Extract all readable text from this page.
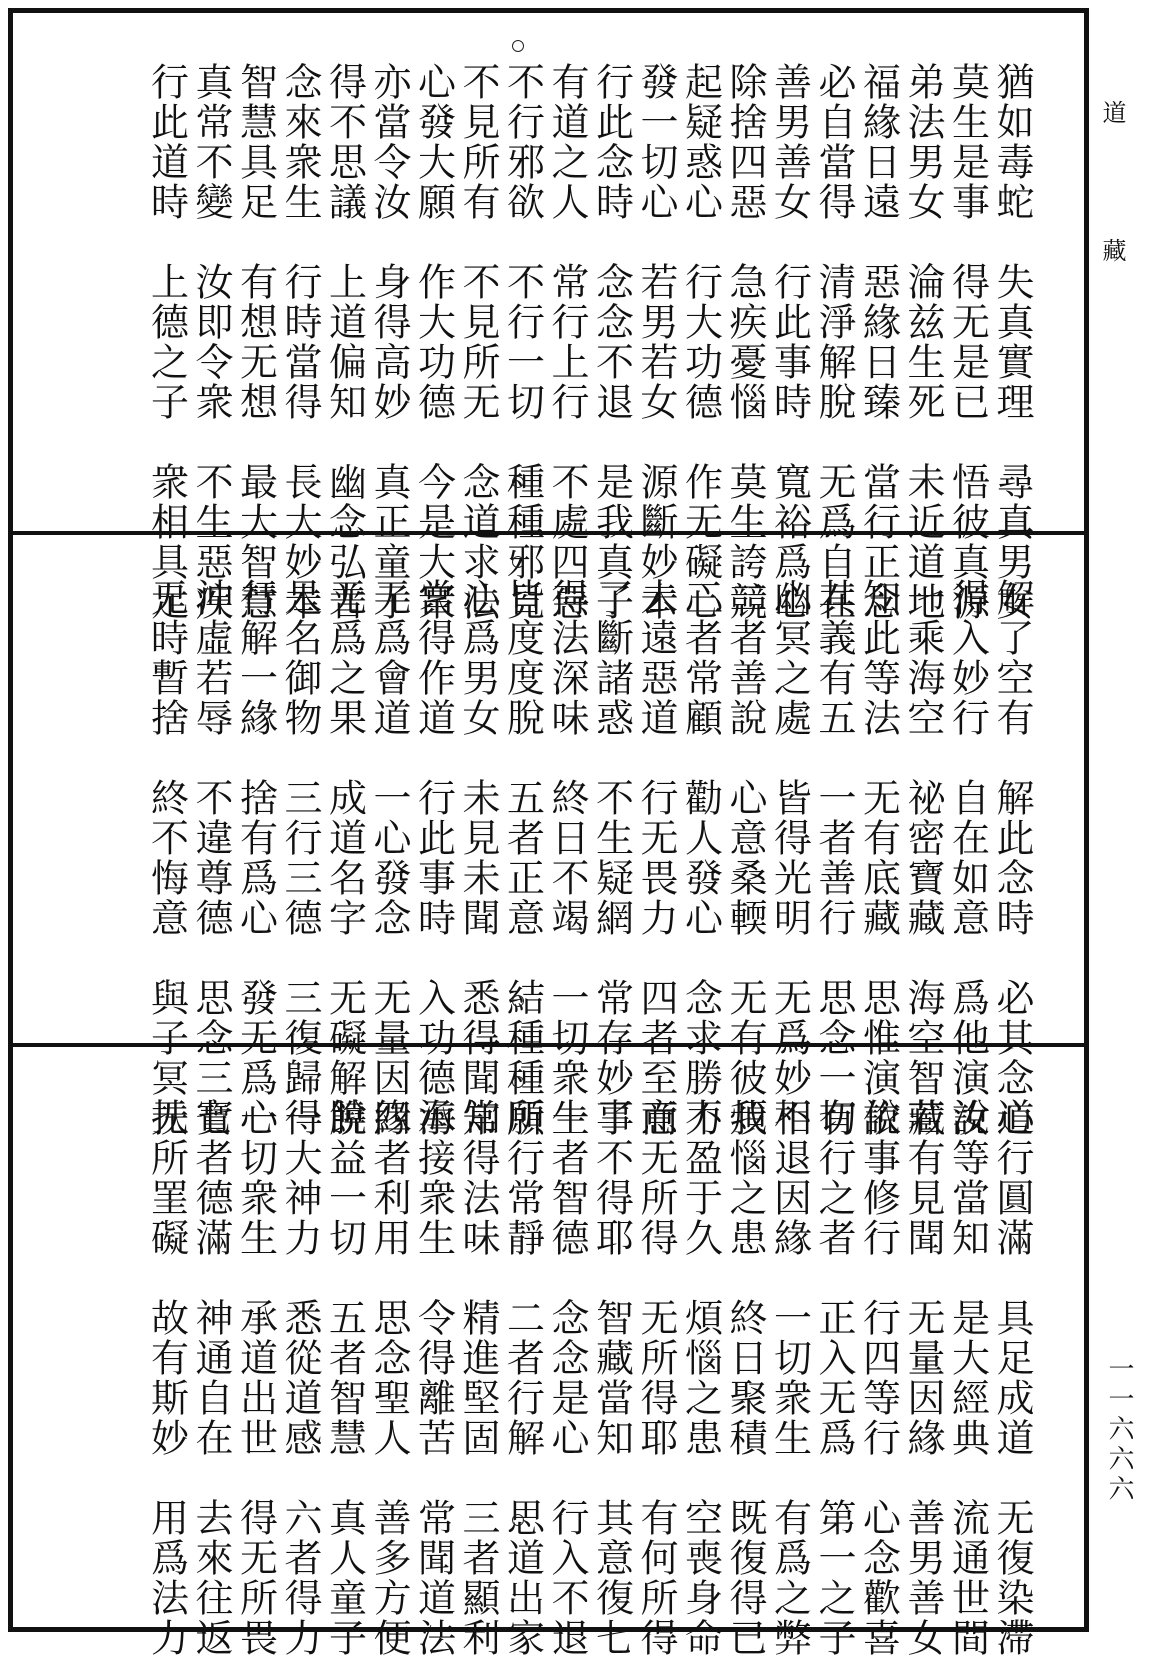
道
藏
一一六六六
猶如毒蛇　失真實理　尋真男女
莫生是事　得无是已　悟彼真源
弟法男女　淪兹生死　未近道地
福緣日遠　惡緣日臻　當行正念
必自當得　清淨解脫　无爲自在
善男善女　行此事時　寬裕爲心
除捨四惡　急疾憂惱　莫生誇競
起疑惑心　行大功德　作无礙心
發一切心　若男若女　源斷妙本
行此念時　念念不退　是我真子
有道之人　常行上行　不處四惡
不行邪欲　不行一切　種種邪見
不見所有　不見所无　念道求法
心發大願　作大功德　今是大衆
亦當令汝　身得高妙　真正童子
得不思議　上道偏知　幽念弘普
念來衆生　行時當得　長大妙本
智慧具足　有想无想　最大智慧
真常不變　汝即令衆　不生惡疾
行此道時　上德之子　衆相具足
解了空有　解此念時　必其念道
得入妙行　自在如意　爲他演說
一乘海空　祕密寶藏　海空智藏
知此等法　无有底藏　思惟演說
其義有五　一者善行　思念一切
幽冥之處　皆得光明　无爲妙相
二者善說　心意桑輭　无有彼我
三者常顧　勸人發心　念求勝力
去遠惡道　行无畏力　四者至意
了斷諸惑　不生疑網　常存妙事
得法深味　終日不竭　一切衆生
皆度度脫　五者正意　結種種願
心爲男女　未見未聞　悉得聞知
當得作道　行此事時　入功德海
无爲會道　一心發念　无量因緣
无爲之果　成道名字　无礙解脫
是名御物　三行三德　三復歸一
行解一緣　捨有爲心　發无爲心
沖虛若辱　不違尊德　思念三寶
无時暫捨　終不悔意　與子冥扶
心行圓滿　具足成道　无復染滯
汝等當知　是大經典　流通世間
若有見聞　无量因緣　善男善女
依事修行　行四等行　心念歡喜
有行之者　正入无爲　第一之子
不退因緣　一切衆生　有爲之弊
煩惱之患　終日聚積　既復得已
不盈于久　煩惱之患　空喪身命
而无所得　无所得耶　有何所得
了不得耶　智藏當知　其意復七
一者智德　念念是心　行入不退
所行常靜　二者行解　思道出家
常得法味　精進堅固　三者顯利
承接衆生　令得離苦　常聞道法
四者利用　思念聖人　善多方便
饒益一切　五者智慧　真人童子
得大神力　悉從道感　六者得力
一切衆生　承道出世　得无所畏
七者德滿　神通自在　去來往返
无所罣礙　故有斯妙　用爲法力
